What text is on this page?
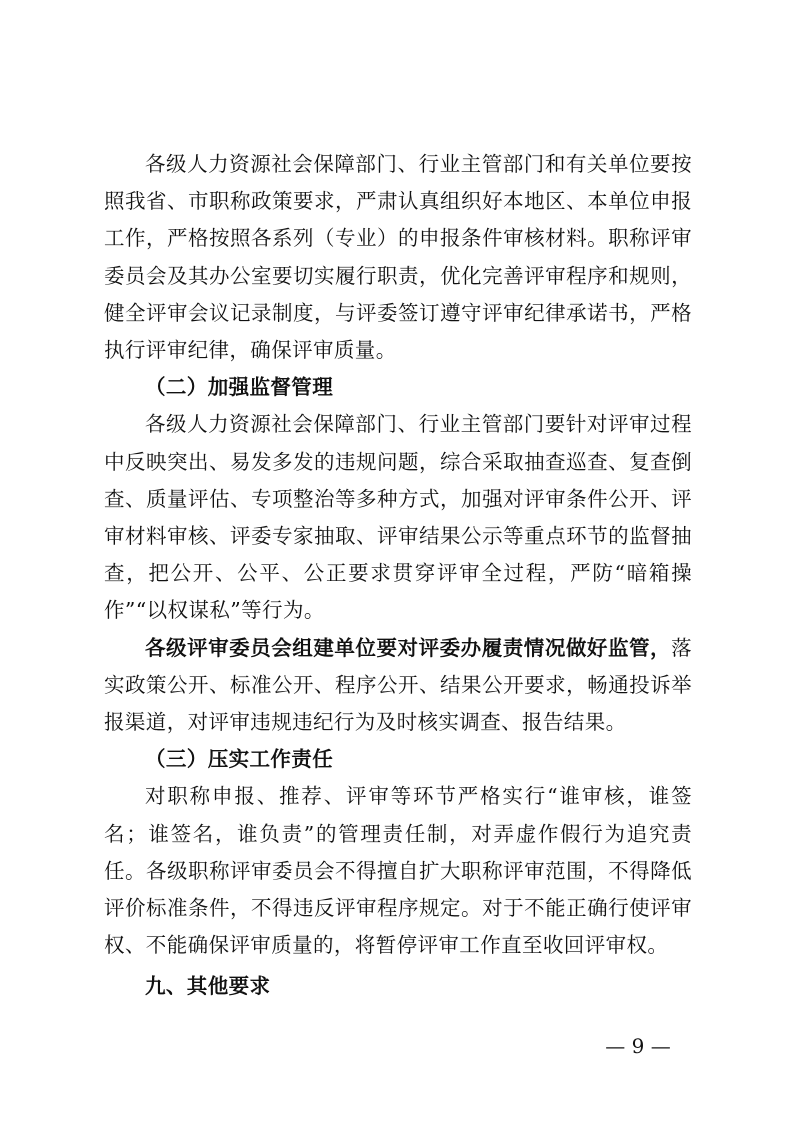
各级人力资源社会保障部门、行业主管部门和有关单位要按照我省、市职称政策要求，严肃认真组织好本地区、本单位申报工作，严格按照各系列（专业）的申报条件审核材料。职称评审委员会及其办公室要切实履行职责，优化完善评审程序和规则，健全评审会议记录制度，与评委签订遵守评审纪律承诺书，严格执行评审纪律，确保评审质量。

（二）加强监督管理

各级人力资源社会保障部门、行业主管部门要针对评审过程中反映突出、易发多发的违规问题，综合采取抽查巡查、复查倒查、质量评估、专项整治等多种方式，加强对评审条件公开、评审材料审核、评委专家抽取、评审结果公示等重点环节的监督抽查，把公开、公平、公正要求贯穿评审全过程，严防“暗箱操作”“以权谋私”等行为。

各级评审委员会组建单位要对评委办履责情况做好监管，落实政策公开、标准公开、程序公开、结果公开要求，畅通投诉举报渠道，对评审违规违纪行为及时核实调查、报告结果。

（三）压实工作责任

对职称申报、推荐、评审等环节严格实行“谁审核，谁签名；谁签名，谁负责”的管理责任制，对弄虚作假行为追究责任。各级职称评审委员会不得擅自扩大职称评审范围，不得降低评价标准条件，不得违反评审程序规定。对于不能正确行使评审权、不能确保评审质量的，将暂停评审工作直至收回评审权。

九、其他要求

— 9 —
